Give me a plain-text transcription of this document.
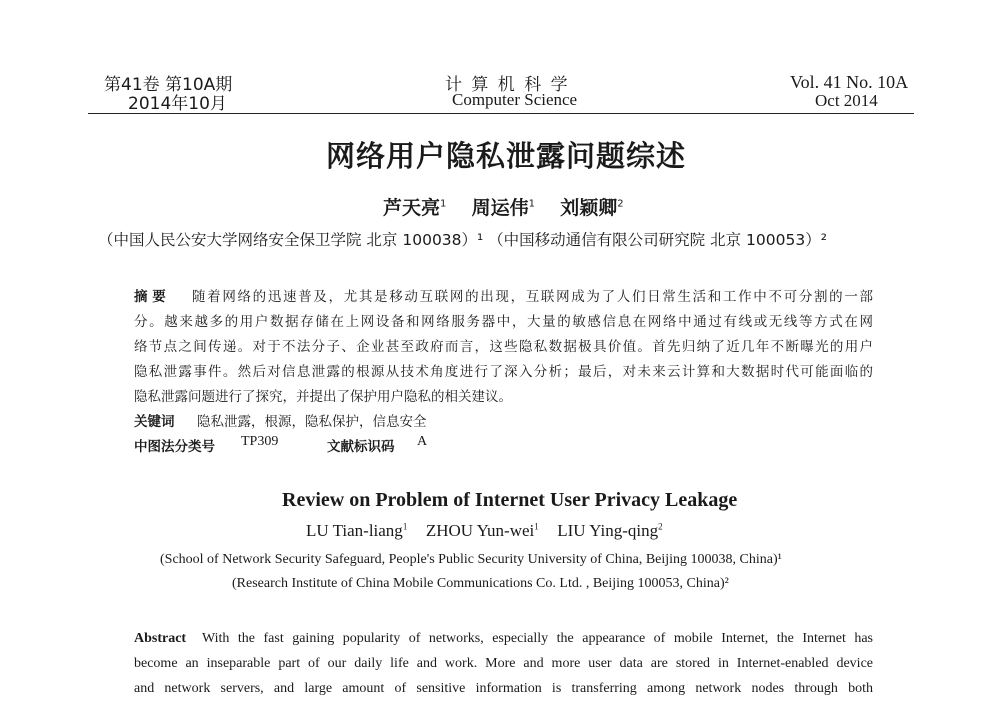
第41卷 第10A期
2014年10月
计 算 机 科 学
Computer Science
Vol. 41 No. 10A
Oct 2014
网络用户隐私泄露问题综述
芦天亮$^1$ 周运伟$^1$ 刘颖卿$^2$
（中国人民公安大学网络安全保卫学院 北京 100038）¹ （中国移动通信有限公司研究院 北京 100053）²
摘 要 随着网络的迅速普及，尤其是移动互联网的出现，互联网成为了人们日常生活和工作中不可分割的一部
分。越来越多的用户数据存储在上网设备和网络服务器中，大量的敏感信息在网络中通过有线或无线等方式在网
络节点之间传递。对于不法分子、企业甚至政府而言，这些隐私数据极具价值。首先归纳了近几年不断曝光的用户
隐私泄露事件。然后对信息泄露的根源从技术角度进行了深入分析；最后，对未来云计算和大数据时代可能面临的
隐私泄露问题进行了探究，并提出了保护用户隐私的相关建议。
关键词 隐私泄露，根源，隐私保护，信息安全
中图法分类号 TP309	文献标识码 A
Review on Problem of Internet User Privacy Leakage
LU Tian-liang$^1$ ZHOU Yun-wei$^1$ LIU Ying-qing$^2$
(School of Network Security Safeguard, People's Public Security University of China, Beijing 100038, China)¹
(Research Institute of China Mobile Communications Co. Ltd. , Beijing 100053, China)²
Abstract With the fast gaining popularity of networks, especially the appearance of mobile Internet, the Internet has
become an inseparable part of our daily life and work. More and more user data are stored in Internet-enabled device
and network servers, and large amount of sensitive information is transferring among network nodes through both
